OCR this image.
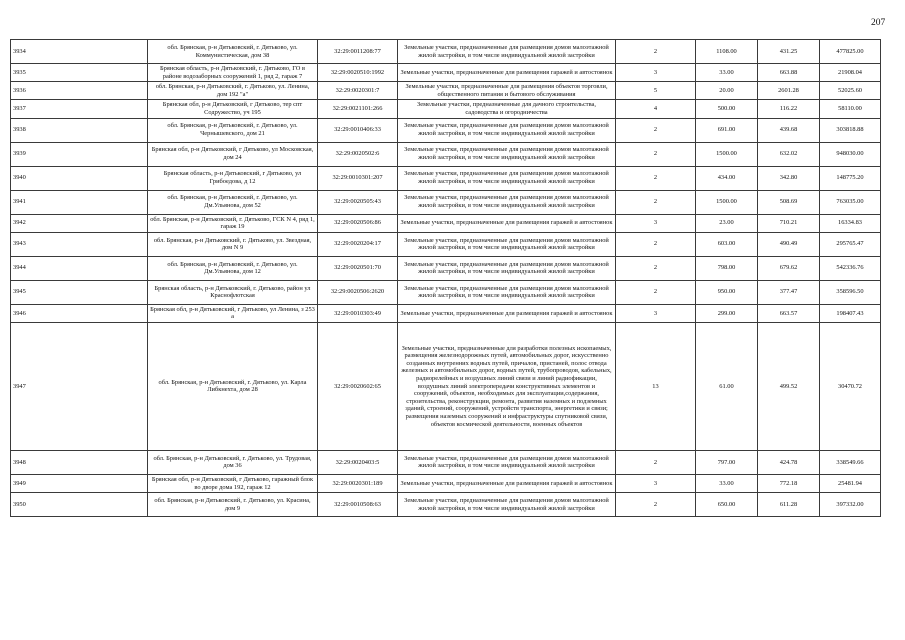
207
3934	обл. Брянская, р-н Дятьковский, г. Дятьково, ул. Коммунистическая, дом 38	32:29:0011208:77	Земельные участки, предназначенные для размещения домов малоэтажной жилой застройки, в том числе индивидуальной жилой застройки	2	1108.00	431.25	477825.00
3935	Брянская область, р-н Дятьковский, г. Дятьково, ГО в районе водозаборных сооружений 1, ряд 2, гараж 7	32:29:0020510:1992	Земельные участки, предназначенные для размещения гаражей и автостоянок	3	33.00	663.88	21908.04
3936	обл. Брянская, р-н Дятьковский, г. Дятьково, ул. Ленина, дом 192 "а"	32:29:0020301:7	Земельные участки, предназначенные для размещения объектов торговли, общественного питания и бытового обслуживания	5	20.00	2601.28	52025.60
3937	Брянская обл, р-н Дятьковский, г Дятьково, тер спт Содружество, уч 195	32:29:0021101:266	Земельные участки, предназначенные для дачного строительства, садоводства и огородничества	4	500.00	116.22	58110.00
3938	обл. Брянская, р-н Дятьковский, г. Дятьково, ул. Чернышевского, дом 21	32:29:0010406:33	Земельные участки, предназначенные для размещения домов малоэтажной жилой застройки, в том числе индивидуальной жилой застройки	2	691.00	439.68	303818.88
3939	Брянская обл, р-н Дятьковский, г Дятьково, ул Московская, дом 24	32:29:0020502:6	Земельные участки, предназначенные для размещения домов малоэтажной жилой застройки, в том числе индивидуальной жилой застройки	2	1500.00	632.02	948030.00
3940	Брянская область, р-н Дятьковский, г Дятьково, ул Грибоедова, д 12	32:29:0010301:207	Земельные участки, предназначенные для размещения домов малоэтажной жилой застройки, в том числе индивидуальной жилой застройки	2	434.00	342.80	148775.20
3941	обл. Брянская, р-н Дятьковский, г. Дятьково, ул. Дм.Ульянова, дом 52	32:29:0020505:43	Земельные участки, предназначенные для размещения домов малоэтажной жилой застройки, в том числе индивидуальной жилой застройки	2	1500.00	508.69	763035.00
3942	обл. Брянская, р-н Дятьковский, г. Дятьково, ГСК N 4, ряд 1, гараж 19	32:29:0020506:86	Земельные участки, предназначенные для размещения гаражей и автостоянок	3	23.00	710.21	16334.83
3943	обл. Брянская, р-н Дятьковский, г. Дятьково, ул. Звездная, дом N 9	32:29:0020204:17	Земельные участки, предназначенные для размещения домов малоэтажной жилой застройки, в том числе индивидуальной жилой застройки	2	603.00	490.49	295765.47
3944	обл. Брянская, р-н Дятьковский, г. Дятьково, ул. Дм.Ульянова, дом 12	32:29:0020501:70	Земельные участки, предназначенные для размещения домов малоэтажной жилой застройки, в том числе индивидуальной жилой застройки	2	798.00	679.62	542336.76
3945	Брянская область, р-н Дятьковский, г. Дятьково, район ул Краснофлотская	32:29:0020506:2620	Земельные участки, предназначенные для размещения домов малоэтажной жилой застройки, в том числе индивидуальной жилой застройки	2	950.00	377.47	358596.50
3946	Брянская обл, р-н Дятьковский, г Дятьково, ул Ленина, з 253 а	32:29:0010303:49	Земельные участки, предназначенные для размещения гаражей и автостоянок	3	299.00	663.57	198407.43
3947	обл. Брянская, р-н Дятьковский, г. Дятьково, ул. Карла Либкнехта, дом 28	32:29:0020602:65	Земельные участки, предназначенные для разработки полезных ископаемых, размещения железнодорожных путей, автомобильных дорог, искусственно созданных внутренних водных путей, причалов, пристаней, полос отвода железных и автомобильных дорог, водных путей, трубопроводов, кабельных, радиорелейных и воздушных линий связи и линий радиофикации, воздушных линий электропередачи конструктивных элементов и сооружений, объектов, необходимых для эксплуатации,содержания, строительства, реконструкции, ремонта, развития наземных и подземных зданий, строений, сооружений, устройств транспорта, энергетики и связи; размещения наземных сооружений и инфраструктуры спутниковой связи, объектов космической деятельности, военных объектов	13	61.00	499.52	30470.72
3948	обл. Брянская, р-н Дятьковский, г. Дятьково, ул. Трудовая, дом 36	32:29:0020403:5	Земельные участки, предназначенные для размещения домов малоэтажной жилой застройки, в том числе индивидуальной жилой застройки	2	797.00	424.78	338549.66
3949	Брянская обл, р-н Дятьковский, г Дятьково, гаражный блок во дворе дома 192, гараж 12	32:29:0020301:189	Земельные участки, предназначенные для размещения гаражей и автостоянок	3	33.00	772.18	25481.94
3950	обл. Брянская, р-н Дятьковский, г. Дятьково, ул. Красина, дом 9	32:29:0010508:63	Земельные участки, предназначенные для размещения домов малоэтажной жилой застройки, в том числе индивидуальной жилой застройки	2	650.00	611.28	397332.00
